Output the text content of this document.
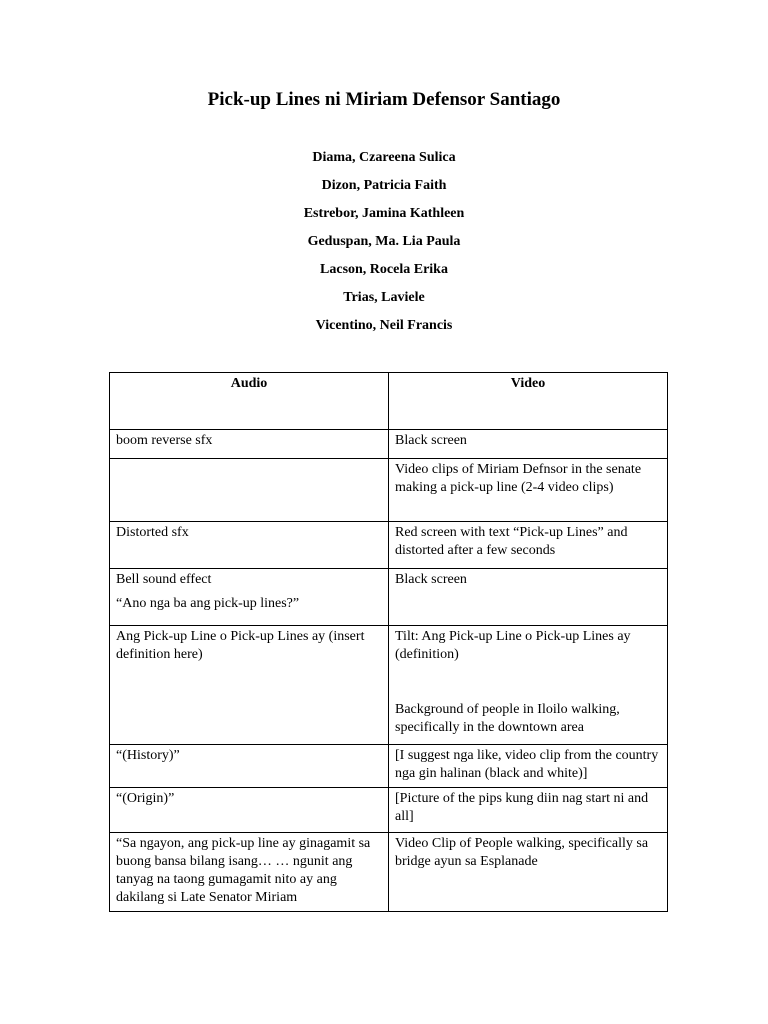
Pick-up Lines ni Miriam Defensor Santiago
Diama, Czareena Sulica
Dizon, Patricia Faith
Estrebor, Jamina Kathleen
Geduspan, Ma. Lia Paula
Lacson, Rocela Erika
Trias, Laviele
Vicentino, Neil Francis
Audio	Video

boom reverse sfx	Black screen

	Video clips of Miriam Defnsor in the senate making a pick-up line (2-4 video clips)

Distorted sfx	Red screen with text “Pick-up Lines” and distorted after a few seconds

Bell sound effect

“Ano nga ba ang pick-up lines?”	Black screen

Ang Pick-up Line o Pick-up Lines ay (insert definition here)	Tilt: Ang Pick-up Line o Pick-up Lines ay (definition)

Background of people in Iloilo walking, specifically in the downtown area

“(History)”	[I suggest nga like, video clip from the country nga gin halinan (black and white)]

“(Origin)”	[Picture of the pips kung diin nag start ni and all]

“Sa ngayon, ang pick-up line ay ginagamit sa buong bansa bilang isang… … ngunit ang tanyag na taong gumagamit nito ay ang dakilang si Late Senator Miriam	Video Clip of People walking, specifically sa bridge ayun sa Esplanade
